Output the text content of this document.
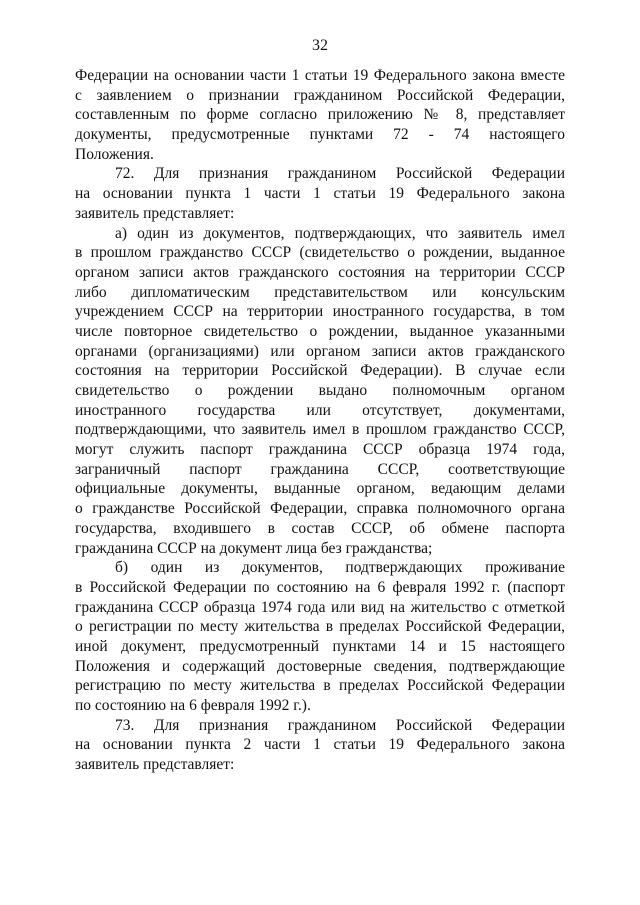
32
Федерации на основании части 1 статьи 19 Федерального закона вместе
с заявлением о признании гражданином Российской Федерации,
составленным по форме согласно приложению № 8, представляет
документы, предусмотренные пунктами 72 - 74 настоящего
Положения.
72. Для признания гражданином Российской Федерации
на основании пункта 1 части 1 статьи 19 Федерального закона
заявитель представляет:
а) один из документов, подтверждающих, что заявитель имел
в прошлом гражданство СССР (свидетельство о рождении, выданное
органом записи актов гражданского состояния на территории СССР
либо дипломатическим представительством или консульским
учреждением СССР на территории иностранного государства, в том
числе повторное свидетельство о рождении, выданное указанными
органами (организациями) или органом записи актов гражданского
состояния на территории Российской Федерации). В случае если
свидетельство о рождении выдано полномочным органом
иностранного государства или отсутствует, документами,
подтверждающими, что заявитель имел в прошлом гражданство СССР,
могут служить паспорт гражданина СССР образца 1974 года,
заграничный паспорт гражданина СССР, соответствующие
официальные документы, выданные органом, ведающим делами
о гражданстве Российской Федерации, справка полномочного органа
государства, входившего в состав СССР, об обмене паспорта
гражданина СССР на документ лица без гражданства;
б) один из документов, подтверждающих проживание
в Российской Федерации по состоянию на 6 февраля 1992 г. (паспорт
гражданина СССР образца 1974 года или вид на жительство с отметкой
о регистрации по месту жительства в пределах Российской Федерации,
иной документ, предусмотренный пунктами 14 и 15 настоящего
Положения и содержащий достоверные сведения, подтверждающие
регистрацию по месту жительства в пределах Российской Федерации
по состоянию на 6 февраля 1992 г.).
73. Для признания гражданином Российской Федерации
на основании пункта 2 части 1 статьи 19 Федерального закона
заявитель представляет:
